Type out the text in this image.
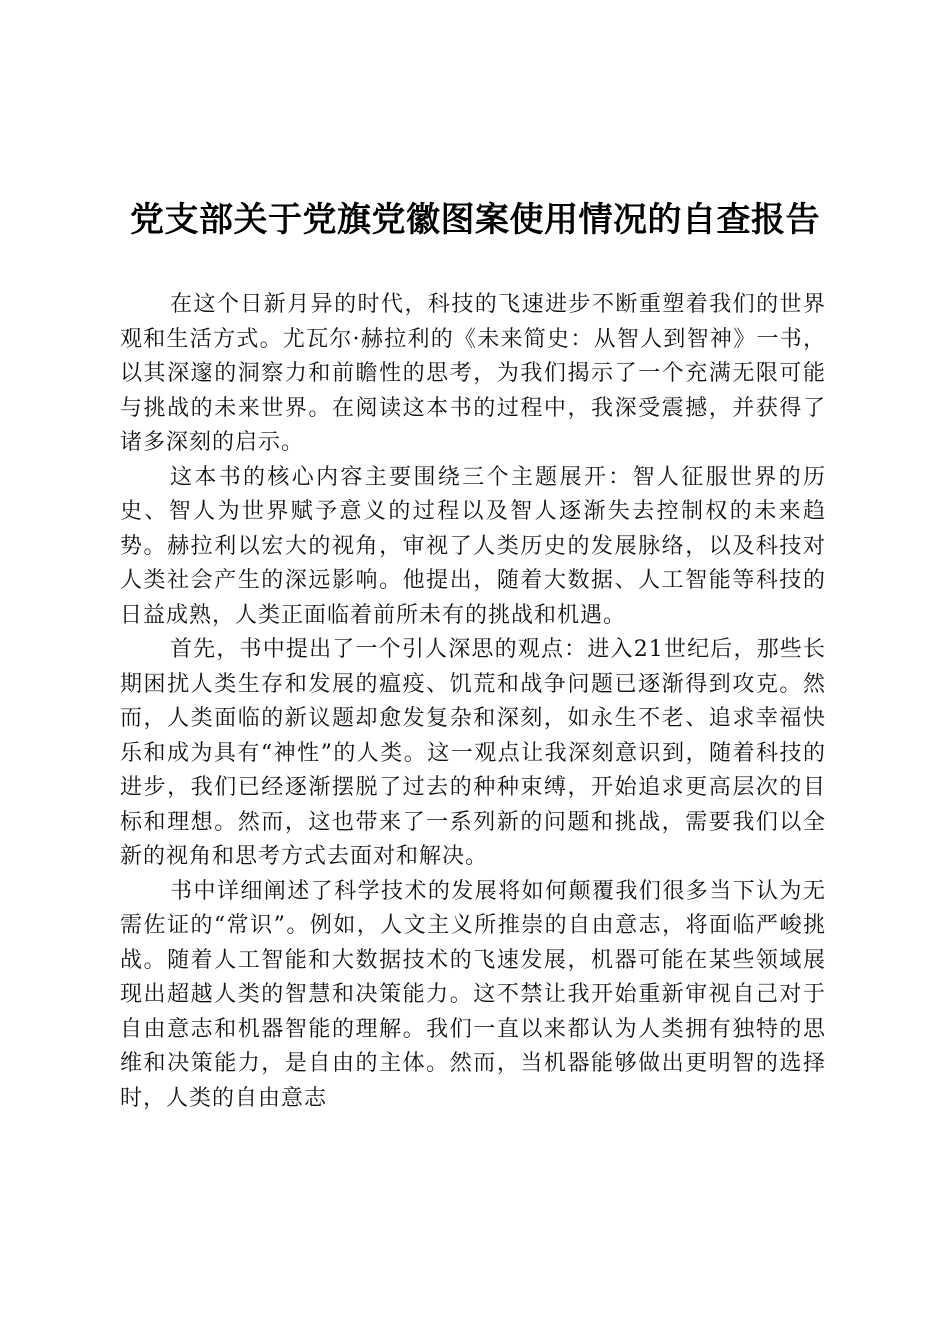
党支部关于党旗党徽图案使用情况的自查报告

在这个日新月异的时代，科技的飞速进步不断重塑着我们的世界观和生活方式。尤瓦尔·赫拉利的《未来简史：从智人到智神》一书，以其深邃的洞察力和前瞻性的思考，为我们揭示了一个充满无限可能与挑战的未来世界。在阅读这本书的过程中，我深受震撼，并获得了诸多深刻的启示。

这本书的核心内容主要围绕三个主题展开：智人征服世界的历史、智人为世界赋予意义的过程以及智人逐渐失去控制权的未来趋势。赫拉利以宏大的视角，审视了人类历史的发展脉络，以及科技对人类社会产生的深远影响。他提出，随着大数据、人工智能等科技的日益成熟，人类正面临着前所未有的挑战和机遇。

首先，书中提出了一个引人深思的观点：进入21世纪后，那些长期困扰人类生存和发展的瘟疫、饥荒和战争问题已逐渐得到攻克。然而，人类面临的新议题却愈发复杂和深刻，如永生不老、追求幸福快乐和成为具有“神性”的人类。这一观点让我深刻意识到，随着科技的进步，我们已经逐渐摆脱了过去的种种束缚，开始追求更高层次的目标和理想。然而，这也带来了一系列新的问题和挑战，需要我们以全新的视角和思考方式去面对和解决。

书中详细阐述了科学技术的发展将如何颠覆我们很多当下认为无需佐证的“常识”。例如，人文主义所推崇的自由意志，将面临严峻挑战。随着人工智能和大数据技术的飞速发展，机器可能在某些领域展现出超越人类的智慧和决策能力。这不禁让我开始重新审视自己对于自由意志和机器智能的理解。我们一直以来都认为人类拥有独特的思维和决策能力，是自由的主体。然而，当机器能够做出更明智的选择时，人类的自由意志
